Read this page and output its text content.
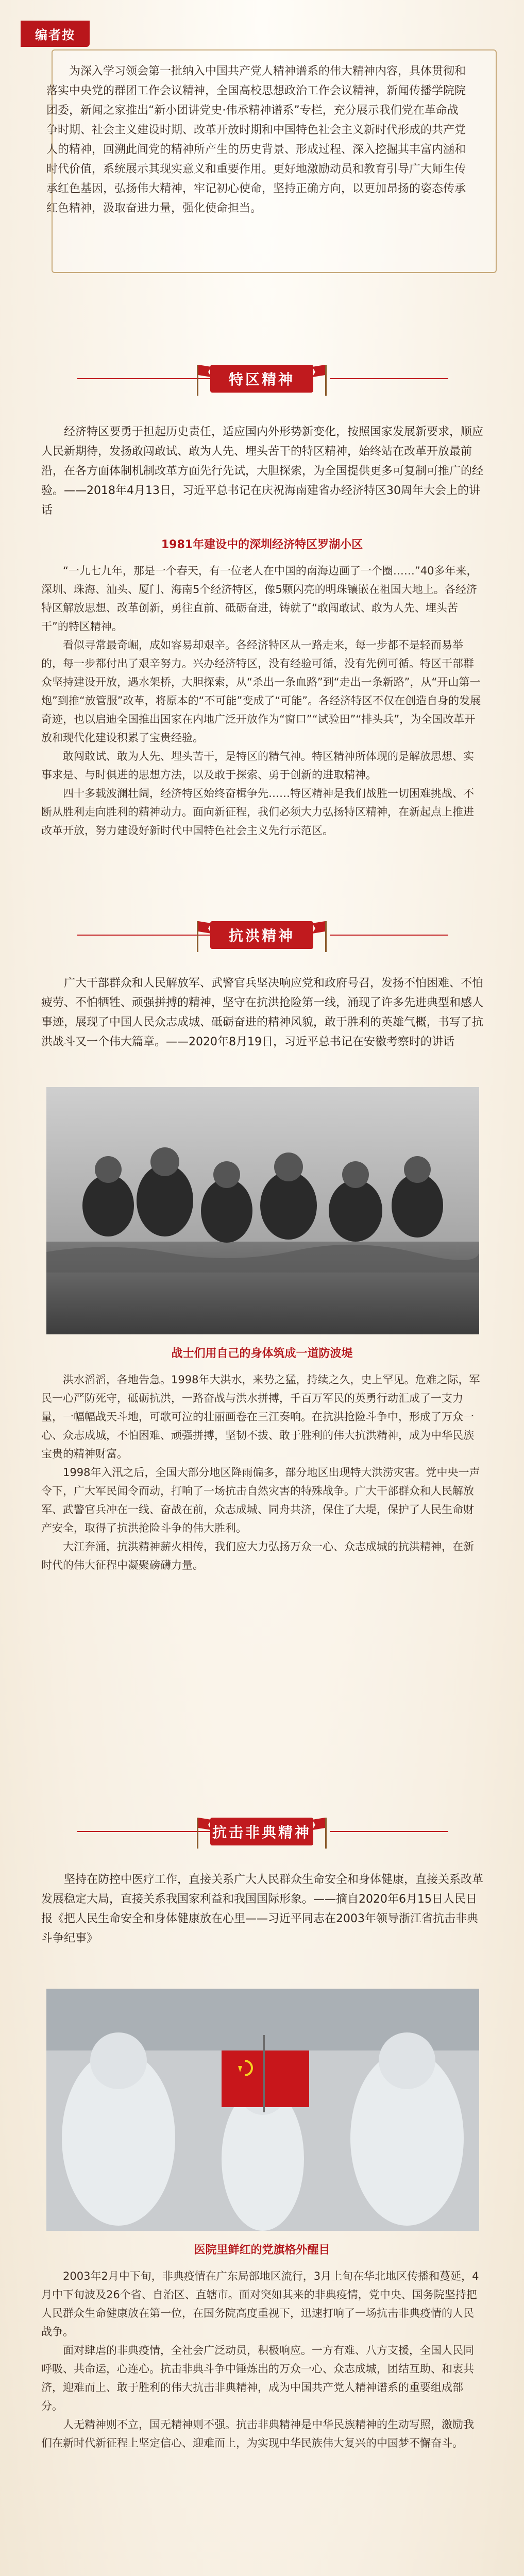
编者按
为深入学习领会第一批纳入中国共产党人精神谱系的伟大精神内容，具体贯彻和落实中央党的群团工作会议精神，全国高校思想政治工作会议精神，新闻传播学院院团委，新闻之家推出“新小团讲党史·伟承精神谱系”专栏，充分展示我们党在革命战争时期、社会主义建设时期、改革开放时期和中国特色社会主义新时代形成的共产党人的精神，回溯此间党的精神所产生的历史背景、形成过程、深入挖掘其丰富内涵和时代价值，系统展示其现实意义和重要作用。更好地激励动员和教育引导广大师生传承红色基因，弘扬伟大精神，牢记初心使命，坚持正确方向，以更加昂扬的姿态传承红色精神，汲取奋进力量，强化使命担当。
特区精神
经济特区要勇于担起历史责任，适应国内外形势新变化，按照国家发展新要求，顺应人民新期待，发扬敢闯敢试、敢为人先、埋头苦干的特区精神，始终站在改革开放最前沿，在各方面体制机制改革方面先行先试，大胆探索，为全国提供更多可复制可推广的经验。——2018年4月13日，习近平总书记在庆祝海南建省办经济特区30周年大会上的讲话
1981年建设中的深圳经济特区罗湖小区

“一九七九年，那是一个春天，有一位老人在中国的南海边画了一个圈……”40多年来，深圳、珠海、汕头、厦门、海南5个经济特区，像5颗闪亮的明珠镶嵌在祖国大地上。各经济特区解放思想、改革创新，勇往直前、砥砺奋进，铸就了“敢闯敢试、敢为人先、埋头苦干”的特区精神。

看似寻常最奇崛，成如容易却艰辛。各经济特区从一路走来，每一步都不是轻而易举的，每一步都付出了艰辛努力。兴办经济特区，没有经验可循，没有先例可循。特区干部群众坚持建设开放，遇水架桥，大胆探索，从“杀出一条血路”到“走出一条新路”，从“开山第一炮”到推“放管服”改革，将原本的“不可能”变成了“可能”。各经济特区不仅在创造自身的发展奇迹，也以启迪全国推出国家在内地广泛开放作为“窗口”“试验田”“排头兵”，为全国改革开放和现代化建设积累了宝贵经验。

敢闯敢试、敢为人先、埋头苦干，是特区的精气神。特区精神所体现的是解放思想、实事求是、与时俱进的思想方法，以及敢于探索、勇于创新的进取精神。

四十多载波澜壮阔，经济特区始终奋楫争先……特区精神是我们战胜一切困难挑战、不断从胜利走向胜利的精神动力。面向新征程，我们必须大力弘扬特区精神，在新起点上推进改革开放，努力建设好新时代中国特色社会主义先行示范区。

抗洪精神
广大干部群众和人民解放军、武警官兵坚决响应党和政府号召，发扬不怕困难、不怕疲劳、不怕牺牲、顽强拼搏的精神，坚守在抗洪抢险第一线，涌现了许多先进典型和感人事迹，展现了中国人民众志成城、砥砺奋进的精神风貌，敢于胜利的英雄气概，书写了抗洪战斗又一个伟大篇章。——2020年8月19日，习近平总书记在安徽考察时的讲话
战士们用自己的身体筑成一道防波堤

洪水滔滔，各地告急。1998年大洪水，来势之猛，持续之久，史上罕见。危难之际，军民一心严防死守，砥砺抗洪，一路奋战与洪水拼搏，千百万军民的英勇行动汇成了一支力量，一幅幅战天斗地，可歌可泣的壮丽画卷在三江奏响。在抗洪抢险斗争中，形成了万众一心、众志成城，不怕困难、顽强拼搏，坚韧不拔、敢于胜利的伟大抗洪精神，成为中华民族宝贵的精神财富。

1998年入汛之后，全国大部分地区降雨偏多，部分地区出现特大洪涝灾害。党中央一声令下，广大军民闻令而动，打响了一场抗击自然灾害的特殊战争。广大干部群众和人民解放军、武警官兵冲在一线、奋战在前，众志成城、同舟共济，保住了大堤，保护了人民生命财产安全，取得了抗洪抢险斗争的伟大胜利。

大江奔涌，抗洪精神薪火相传，我们应大力弘扬万众一心、众志成城的抗洪精神，在新时代的伟大征程中凝聚磅礴力量。

抗击非典精神
坚持在防控中医疗工作，直接关系广大人民群众生命安全和身体健康，直接关系改革发展稳定大局，直接关系我国家利益和我国国际形象。——摘自2020年6月15日人民日报《把人民生命安全和身体健康放在心里——习近平同志在2003年领导浙江省抗击非典斗争纪事》
医院里鲜红的党旗格外醒目

2003年2月中下旬，非典疫情在广东局部地区流行，3月上旬在华北地区传播和蔓延，4月中下旬波及26个省、自治区、直辖市。面对突如其来的非典疫情，党中央、国务院坚持把人民群众生命健康放在第一位，在国务院高度重视下，迅速打响了一场抗击非典疫情的人民战争。

面对肆虐的非典疫情，全社会广泛动员，积极响应。一方有难、八方支援，全国人民同呼吸、共命运，心连心。抗击非典斗争中锤炼出的万众一心、众志成城，团结互助、和衷共济，迎难而上、敢于胜利的伟大抗击非典精神，成为中国共产党人精神谱系的重要组成部分。

人无精神则不立，国无精神则不强。抗击非典精神是中华民族精神的生动写照，激励我们在新时代新征程上坚定信心、迎难而上，为实现中华民族伟大复兴的中国梦不懈奋斗。
